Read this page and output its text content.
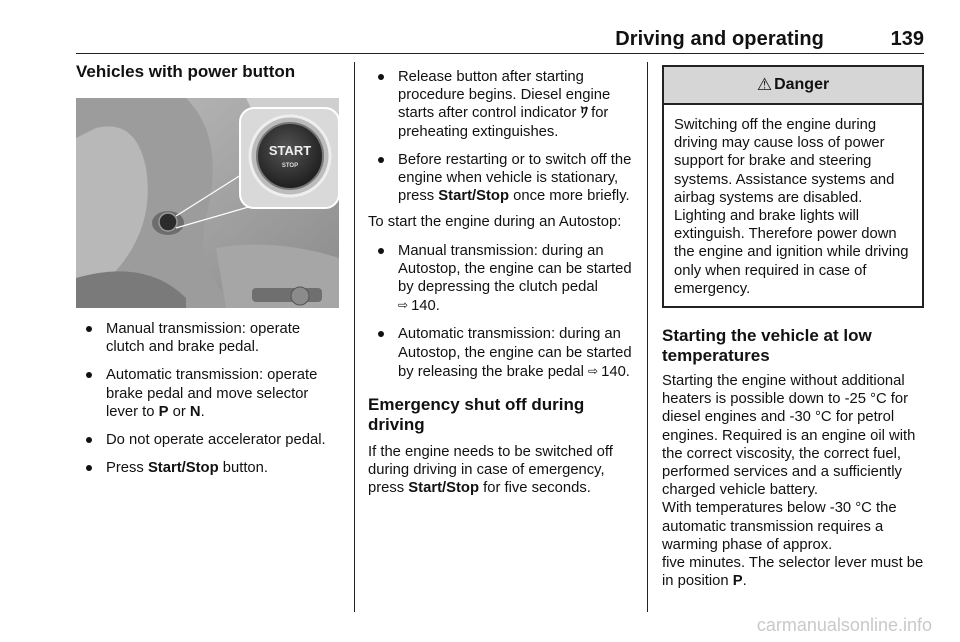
Driving and operating	139
Vehicles with power button
START
STOP
Manual transmission: operate clutch and brake pedal.
Automatic transmission: operate brake pedal and move selector lever to P or N.
Do not operate accelerator pedal.
Press Start/Stop button.
Release button after starting procedure begins. Diesel engine starts after control indicator ﾜ for preheating extinguishes.
Before restarting or to switch off the engine when vehicle is stationary, press Start/Stop once more briefly.

To start the engine during an Autostop:

Manual transmission: during an Autostop, the engine can be started by depressing the clutch pedal ⇨ 140.
Automatic transmission: during an Autostop, the engine can be started by releasing the brake pedal ⇨ 140.
Emergency shut off during driving

If the engine needs to be switched off during driving in case of emergency, press Start/Stop for five seconds.

⚠ Danger
Switching off the engine during driving may cause loss of power support for brake and steering systems. Assistance systems and airbag systems are disabled. Lighting and brake lights will extinguish. Therefore power down the engine and ignition while driving only when required in case of emergency.
Starting the vehicle at low temperatures

Starting the engine without additional heaters is possible down to -25 °C for diesel engines and -30 °C for petrol engines. Required is an engine oil with the correct viscosity, the correct fuel, performed services and a sufficiently charged vehicle battery.

With temperatures below -30 °C the automatic transmission requires a warming phase of approx.

five minutes. The selector lever must be in position P.

carmanualsonline.info
